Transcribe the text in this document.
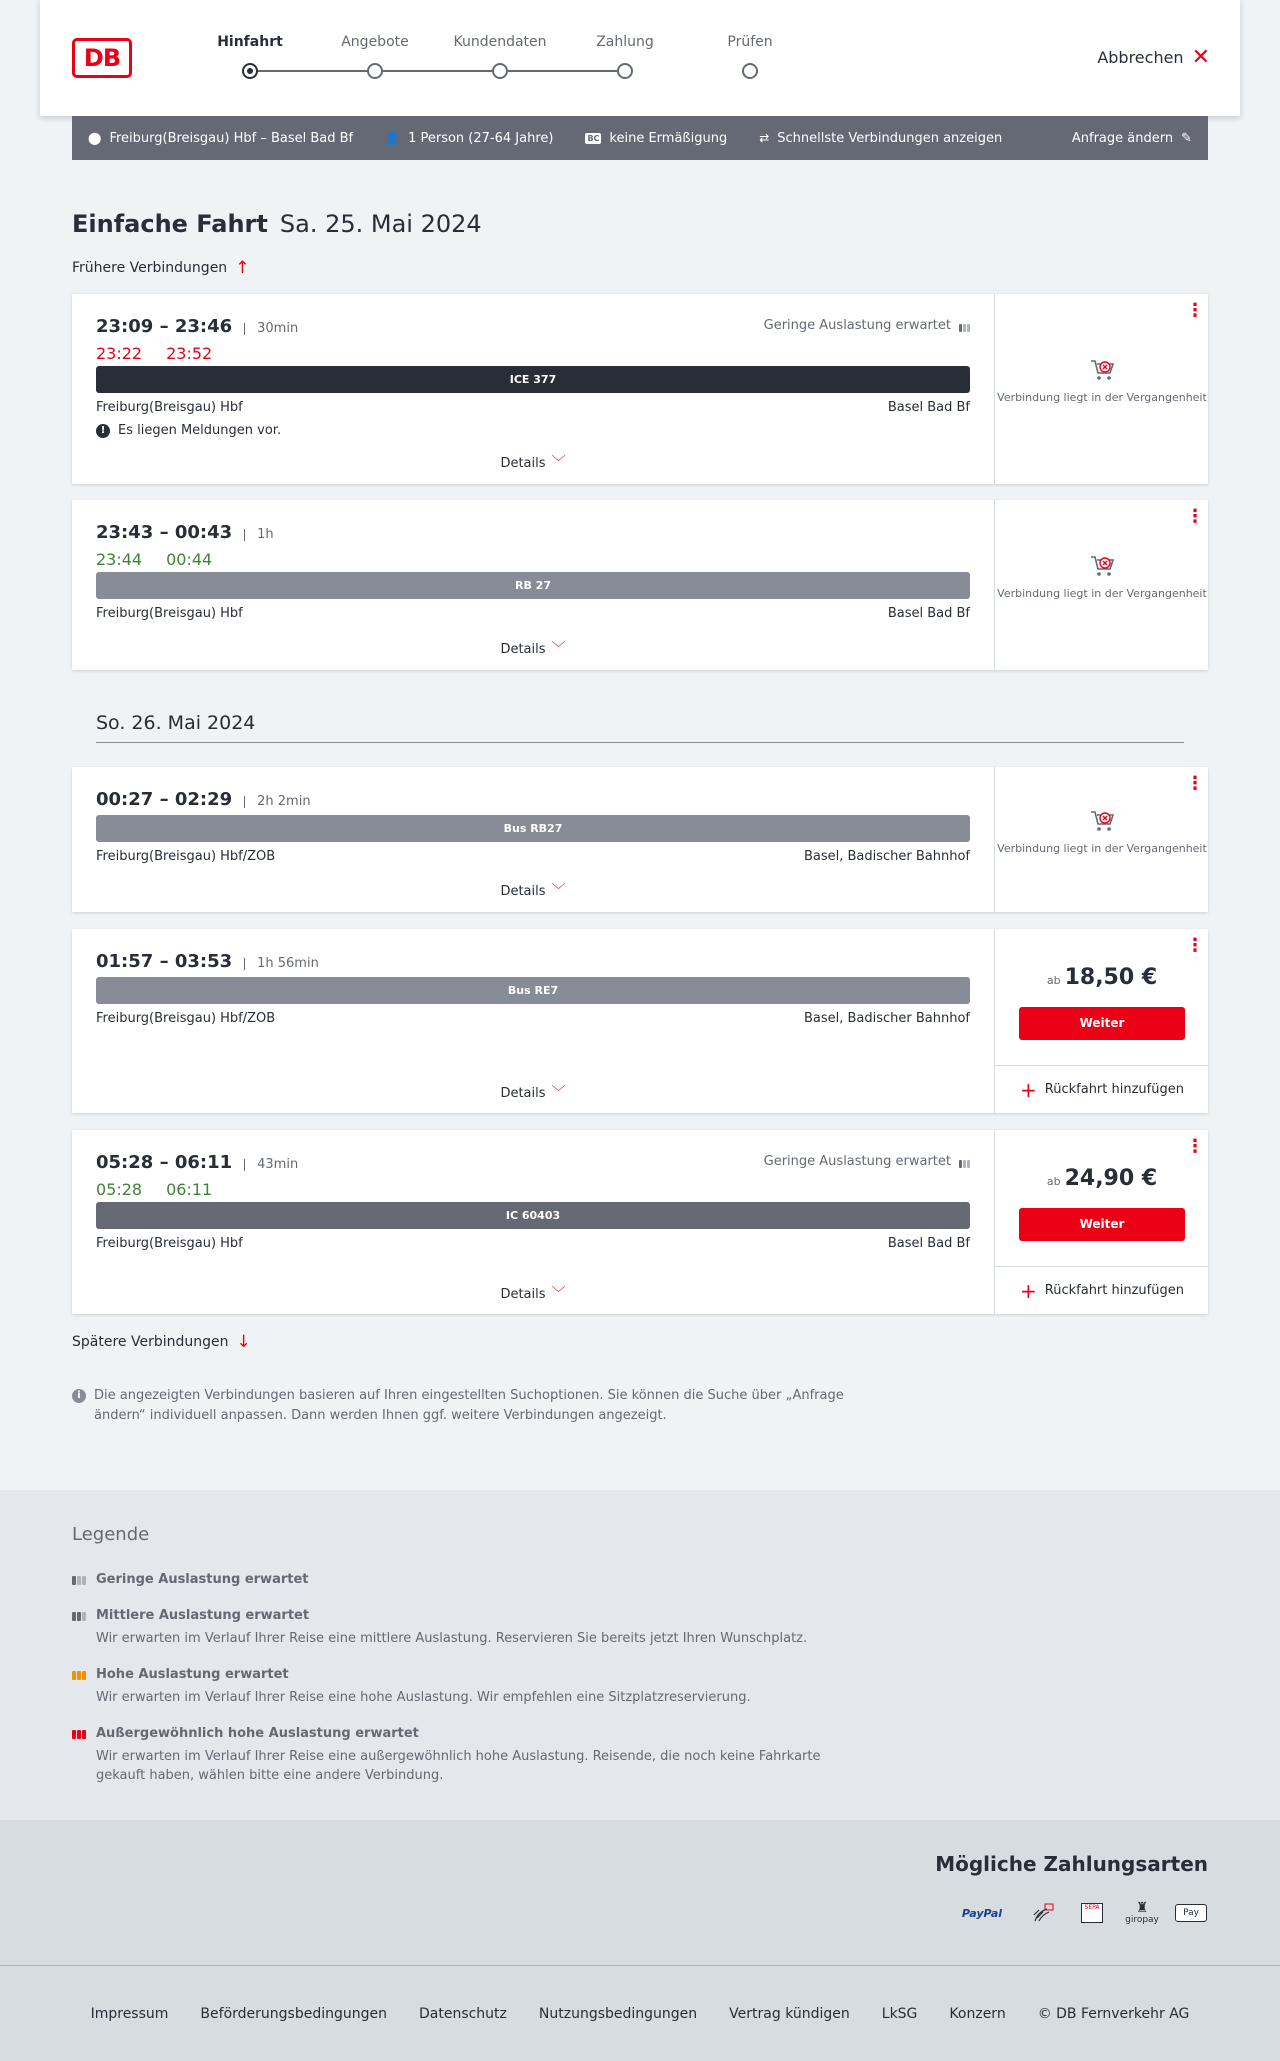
DB
Hinfahrt	Angebote	Kundendaten	Zahlung	Prüfen
Abbrechen ✕
⬤ Freiburg(Breisgau) Hbf – Basel Bad Bf	👤 1 Person (27-64 Jahre)	BC keine Ermäßigung	⇄ Schnellste Verbindungen anzeigen	Anfrage ändern ✎
Einfache Fahrt Sa. 25. Mai 2024
Frühere Verbindungen ↑
23:09 – 23:46	30min
23:22 23:52
Geringe Auslastung erwartet
ICE 377
Freiburg(Breisgau) Hbf	Basel Bad Bf
! Es liegen Meldungen vor.
Details ﹀
⋮
Verbindung liegt in der Vergangenheit
23:43 – 00:43	1h
23:44 00:44
RB 27
Freiburg(Breisgau) Hbf	Basel Bad Bf
Details ﹀
⋮
Verbindung liegt in der Vergangenheit
So. 26. Mai 2024
00:27 – 02:29	2h 2min
Bus RB27
Freiburg(Breisgau) Hbf/ZOB	Basel, Badischer Bahnhof
Details ﹀
⋮
Verbindung liegt in der Vergangenheit
01:57 – 03:53	1h 56min
Bus RE7
Freiburg(Breisgau) Hbf/ZOB	Basel, Badischer Bahnhof
Details ﹀
⋮
ab 18,50 €
Weiter
+ Rückfahrt hinzufügen
05:28 – 06:11	43min
05:28 06:11
Geringe Auslastung erwartet
IC 60403
Freiburg(Breisgau) Hbf	Basel Bad Bf
Details ﹀
⋮
ab 24,90 €
Weiter
+ Rückfahrt hinzufügen
Spätere Verbindungen ↓
i	Die angezeigten Verbindungen basieren auf Ihren eingestellten Suchoptionen. Sie können die Suche über „Anfrage ändern“ individuell anpassen. Dann werden Ihnen ggf. weitere Verbindungen angezeigt.
Legende
Geringe Auslastung erwartet
Mittlere Auslastung erwartet
Wir erwarten im Verlauf Ihrer Reise eine mittlere Auslastung. Reservieren Sie bereits jetzt Ihren Wunschplatz.
Hohe Auslastung erwartet
Wir erwarten im Verlauf Ihrer Reise eine hohe Auslastung. Wir empfehlen eine Sitzplatzreservierung.
Außergewöhnlich hohe Auslastung erwartet
Wir erwarten im Verlauf Ihrer Reise eine außergewöhnlich hohe Auslastung. Reisende, die noch keine Fahrkarte gekauft haben, wählen bitte eine andere Verbindung.
Mögliche Zahlungsarten
PayPal	SEPA	♜
giropay
Pay
Impressum Beförderungsbedingungen Datenschutz Nutzungsbedingungen Vertrag kündigen LkSG Konzern © DB Fernverkehr AG
